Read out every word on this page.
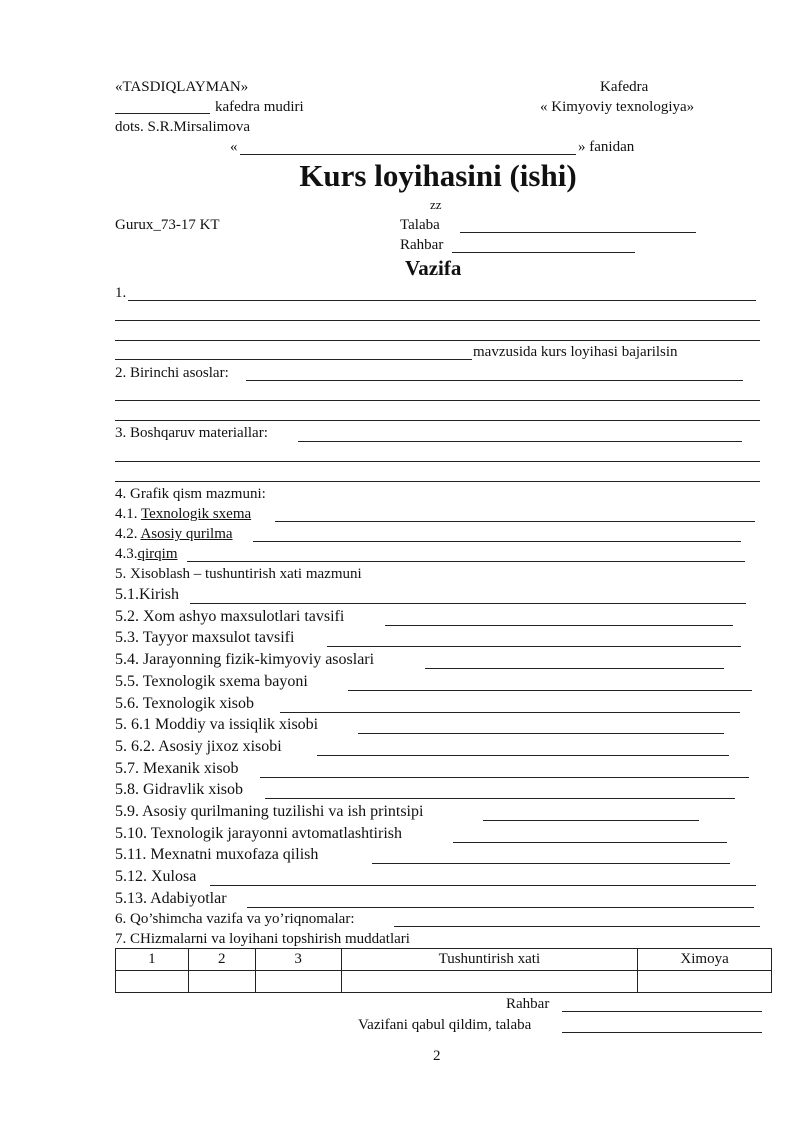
«TASDIQLAYMAN»
kafedra mudiri
dots. S.R.Mirsalimova
Kafedra
« Kimyoviy texnologiya»
«	» fanidan
Kurs loyihasini (ishi)
zz
Gurux_73-17 KT	Talaba
Rahbar
Vazifa
1.
mavzusida kurs loyihasi bajarilsin
2. Birinchi asoslar:
3. Boshqaruv materiallar:
4. Grafik qism mazmuni:
4.1. Texnologik sxema
4.2. Asosiy qurilma
4.3.qirqim
5. Xisoblash – tushuntirish xati mazmuni
5.1.Kirish
5.2. Xom ashyo maxsulotlari tavsifi
5.3. Tayyor maxsulot tavsifi
5.4. Jarayonning fizik-kimyoviy asoslari
5.5. Texnologik sxema bayoni
5.6. Texnologik xisob
5. 6.1 Moddiy va issiqlik xisobi
5. 6.2. Asosiy jixoz xisobi
5.7. Mexanik xisob
5.8. Gidravlik xisob
5.9. Asosiy qurilmaning tuzilishi va ish printsipi
5.10. Texnologik jarayonni avtomatlashtirish
5.11. Mexnatni muxofaza qilish
5.12. Xulosa
5.13. Adabiyotlar
6. Qo’shimcha vazifa va yo’riqnomalar:
7. CHizmalarni va loyihani topshirish muddatlari
1	2	3	Tushuntirish xati	Ximoya

Rahbar
Vazifani qabul qildim, talaba
2
